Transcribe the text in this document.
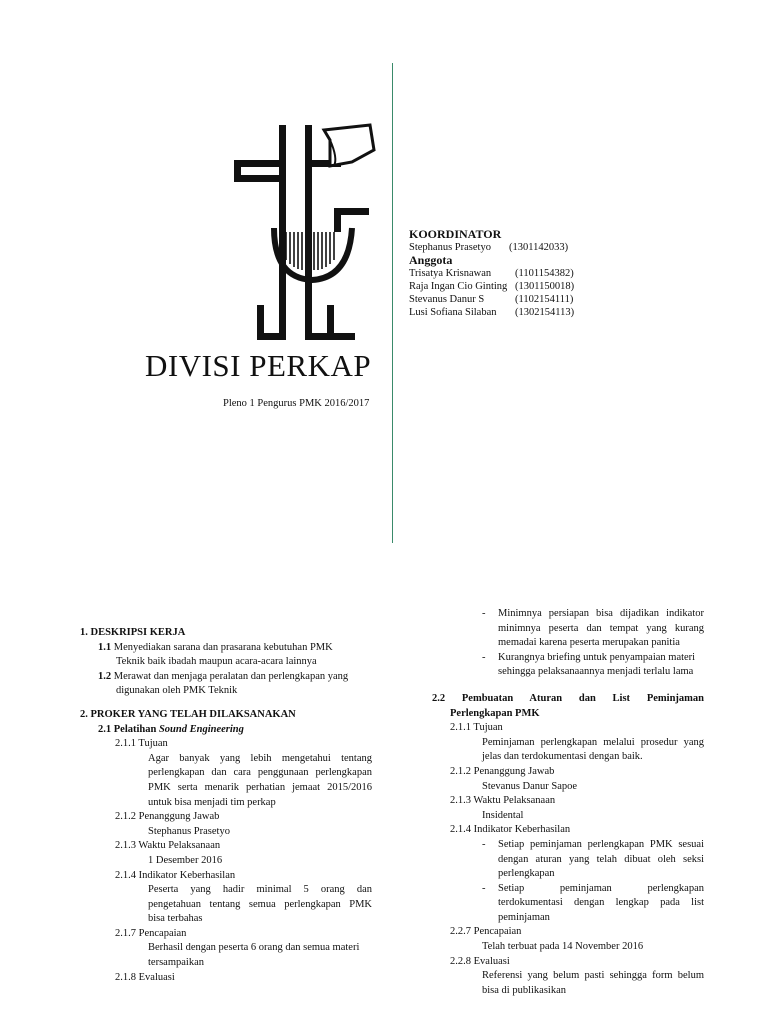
DIVISI PERKAP
Pleno 1 Pengurus PMK 2016/2017
KOORDINATOR
Stephanus Prasetyo	(1301142033)
Anggota
Trisatya Krisnawan	(1101154382)
Raja Ingan Cio Ginting (1301150018)
Stevanus Danur S	(1102154111)
Lusi Sofiana Silaban	(1302154113)
1. DESKRIPSI KERJA
1.1 Menyediakan sarana dan prasarana kebutuhan PMK
Teknik baik ibadah maupun acara-acara lainnya
1.2 Merawat dan menjaga peralatan dan perlengkapan yang
digunakan oleh PMK Teknik
2. PROKER YANG TELAH DILAKSANAKAN
2.1 Pelatihan Sound Engineering
2.1.1 Tujuan
Agar banyak yang lebih mengetahui tentang
perlengkapan dan cara penggunaan perlengkapan
PMK serta menarik perhatian jemaat 2015/2016
untuk bisa menjadi tim perkap
2.1.2 Penanggung Jawab
Stephanus Prasetyo
2.1.3 Waktu Pelaksanaan
1 Desember 2016
2.1.4 Indikator Keberhasilan
Peserta yang hadir minimal 5 orang dan
pengetahuan tentang semua perlengkapan PMK
bisa terbahas
2.1.7 Pencapaian
Berhasil dengan peserta 6 orang dan semua materi
tersampaikan
2.1.8 Evaluasi
-	Minimnya persiapan bisa dijadikan indikator
minimnya peserta dan tempat yang kurang
memadai karena peserta merupakan panitia
-	Kurangnya briefing untuk penyampaian materi
sehingga pelaksanaannya menjadi terlalu lama
2.2 Pembuatan Aturan dan List Peminjaman
Perlengkapan PMK
2.1.1 Tujuan
Peminjaman perlengkapan melalui prosedur yang
jelas dan terdokumentasi dengan baik.
2.1.2 Penanggung Jawab
Stevanus Danur Sapoe
2.1.3 Waktu Pelaksanaan
Insidental
2.1.4 Indikator Keberhasilan
-	Setiap peminjaman perlengkapan PMK sesuai
dengan aturan yang telah dibuat oleh seksi
perlengkapan
-	Setiap peminjaman perlengkapan
terdokumentasi dengan lengkap pada list
peminjaman
2.2.7 Pencapaian
Telah terbuat pada 14 November 2016
2.2.8 Evaluasi
Referensi yang belum pasti sehingga form belum
bisa di publikasikan
